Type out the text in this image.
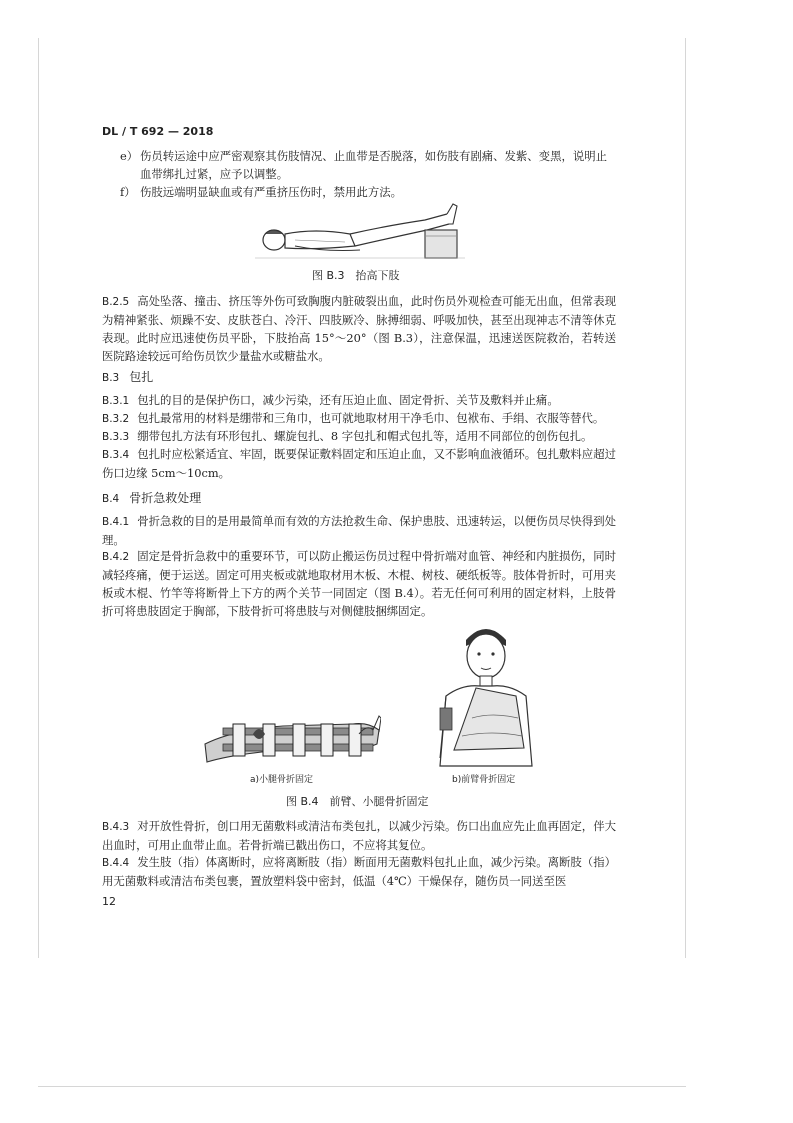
DL / T 692 — 2018
e） 伤员转运途中应严密观察其伤肢情况、止血带是否脱落，如伤肢有剧痛、发紫、变黑，说明止血带绑扎过紧，应予以调整。
f） 伤肢远端明显缺血或有严重挤压伤时，禁用此方法。
图 B.3　抬高下肢
B.2.5 高处坠落、撞击、挤压等外伤可致胸腹内脏破裂出血，此时伤员外观检查可能无出血，但常表现为精神紧张、烦躁不安、皮肤苍白、冷汗、四肢厥冷、脉搏细弱、呼吸加快，甚至出现神志不清等休克表现。此时应迅速使伤员平卧，下肢抬高 15°～20°（图 B.3），注意保温，迅速送医院救治，若转送医院路途较远可给伤员饮少量盐水或糖盐水。
B.3 包扎
B.3.1 包扎的目的是保护伤口，减少污染，还有压迫止血、固定骨折、关节及敷料并止痛。
B.3.2 包扎最常用的材料是绷带和三角巾，也可就地取材用干净毛巾、包袱布、手绢、衣服等替代。
B.3.3 绷带包扎方法有环形包扎、螺旋包扎、8 字包扎和帽式包扎等，适用不同部位的创伤包扎。
B.3.4 包扎时应松紧适宜、牢固，既要保证敷料固定和压迫止血，又不影响血液循环。包扎敷料应超过伤口边缘 5cm～10cm。
B.4 骨折急救处理
B.4.1 骨折急救的目的是用最简单而有效的方法抢救生命、保护患肢、迅速转运，以便伤员尽快得到处理。
B.4.2 固定是骨折急救中的重要环节，可以防止搬运伤员过程中骨折端对血管、神经和内脏损伤，同时减轻疼痛，便于运送。固定可用夹板或就地取材用木板、木棍、树枝、硬纸板等。肢体骨折时，可用夹板或木棍、竹竿等将断骨上下方的两个关节一同固定（图 B.4）。若无任何可利用的固定材料，上肢骨折可将患肢固定于胸部，下肢骨折可将患肢与对侧健肢捆绑固定。
a)小腿骨折固定	b)前臂骨折固定
图 B.4　前臂、小腿骨折固定
B.4.3 对开放性骨折，创口用无菌敷料或清洁布类包扎，以减少污染。伤口出血应先止血再固定，伴大出血时，可用止血带止血。若骨折端已戳出伤口，不应将其复位。
B.4.4 发生肢（指）体离断时，应将离断肢（指）断面用无菌敷料包扎止血，减少污染。离断肢（指）用无菌敷料或清洁布类包裹，置放塑料袋中密封，低温（4℃）干燥保存，随伤员一同送至医
12
